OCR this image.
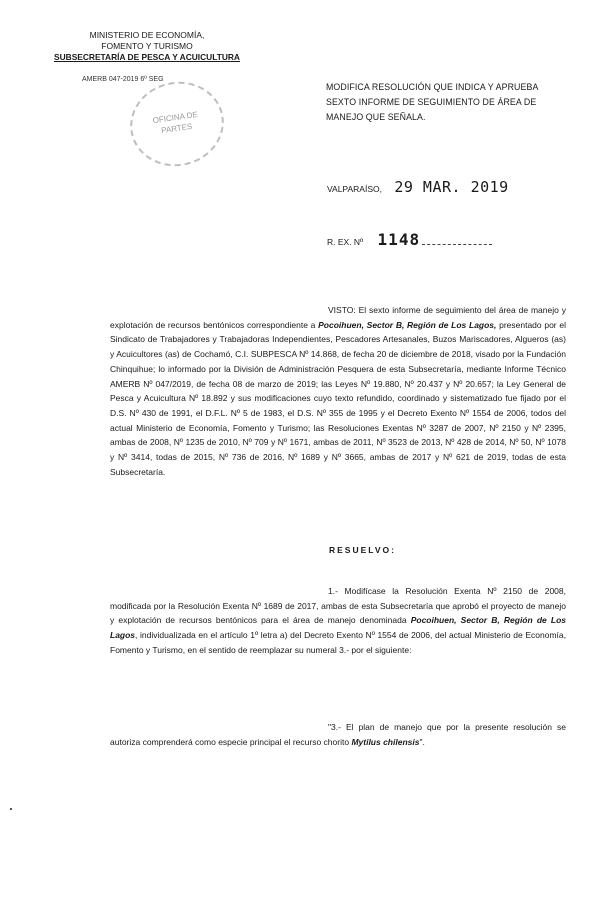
MINISTERIO DE ECONOMÍA,
FOMENTO Y TURISMO
SUBSECRETARÍA DE PESCA Y ACUICULTURA
AMERB 047-2019 6º SEG
OFICINA DE
PARTES
MODIFICA RESOLUCIÓN QUE INDICA Y APRUEBA SEXTO INFORME DE SEGUIMIENTO DE ÁREA DE MANEJO QUE SEÑALA.
VALPARAÍSO, 29 MAR. 2019
R. EX. Nº 1148
VISTO: El sexto informe de seguimiento del área de manejo y explotación de recursos bentónicos correspondiente a Pocoihuen, Sector B, Región de Los Lagos, presentado por el Sindicato de Trabajadores y Trabajadoras Independientes, Pescadores Artesanales, Buzos Mariscadores, Algueros (as) y Acuicultores (as) de Cochamó, C.I. SUBPESCA Nº 14.868, de fecha 20 de diciembre de 2018, visado por la Fundación Chinquihue; lo informado por la División de Administración Pesquera de esta Subsecretaría, mediante Informe Técnico AMERB Nº 047/2019, de fecha 08 de marzo de 2019; las Leyes Nº 19.880, Nº 20.437 y Nº 20.657; la Ley General de Pesca y Acuicultura Nº 18.892 y sus modificaciones cuyo texto refundido, coordinado y sistematizado fue fijado por el D.S. Nº 430 de 1991, el D.F.L. Nº 5 de 1983, el D.S. Nº 355 de 1995 y el Decreto Exento Nº 1554 de 2006, todos del actual Ministerio de Economía, Fomento y Turismo; las Resoluciones Exentas Nº 3287 de 2007, Nº 2150 y Nº 2395, ambas de 2008, Nº 1235 de 2010, Nº 709 y Nº 1671, ambas de 2011, Nº 3523 de 2013, Nº 428 de 2014, Nº 50, Nº 1078 y Nº 3414, todas de 2015, Nº 736 de 2016, Nº 1689 y Nº 3665, ambas de 2017 y Nº 621 de 2019, todas de esta Subsecretaría.
RESUELVO:
1.- Modifícase la Resolución Exenta Nº 2150 de 2008, modificada por la Resolución Exenta Nº 1689 de 2017, ambas de esta Subsecretaría que aprobó el proyecto de manejo y explotación de recursos bentónicos para el área de manejo denominada Pocoihuen, Sector B, Región de Los Lagos, individualizada en el artículo 1º letra a) del Decreto Exento Nº 1554 de 2006, del actual Ministerio de Economía, Fomento y Turismo, en el sentido de reemplazar su numeral 3.- por el siguiente:
"3.- El plan de manejo que por la presente resolución se autoriza comprenderá como especie principal el recurso chorito Mytilus chilensis".
